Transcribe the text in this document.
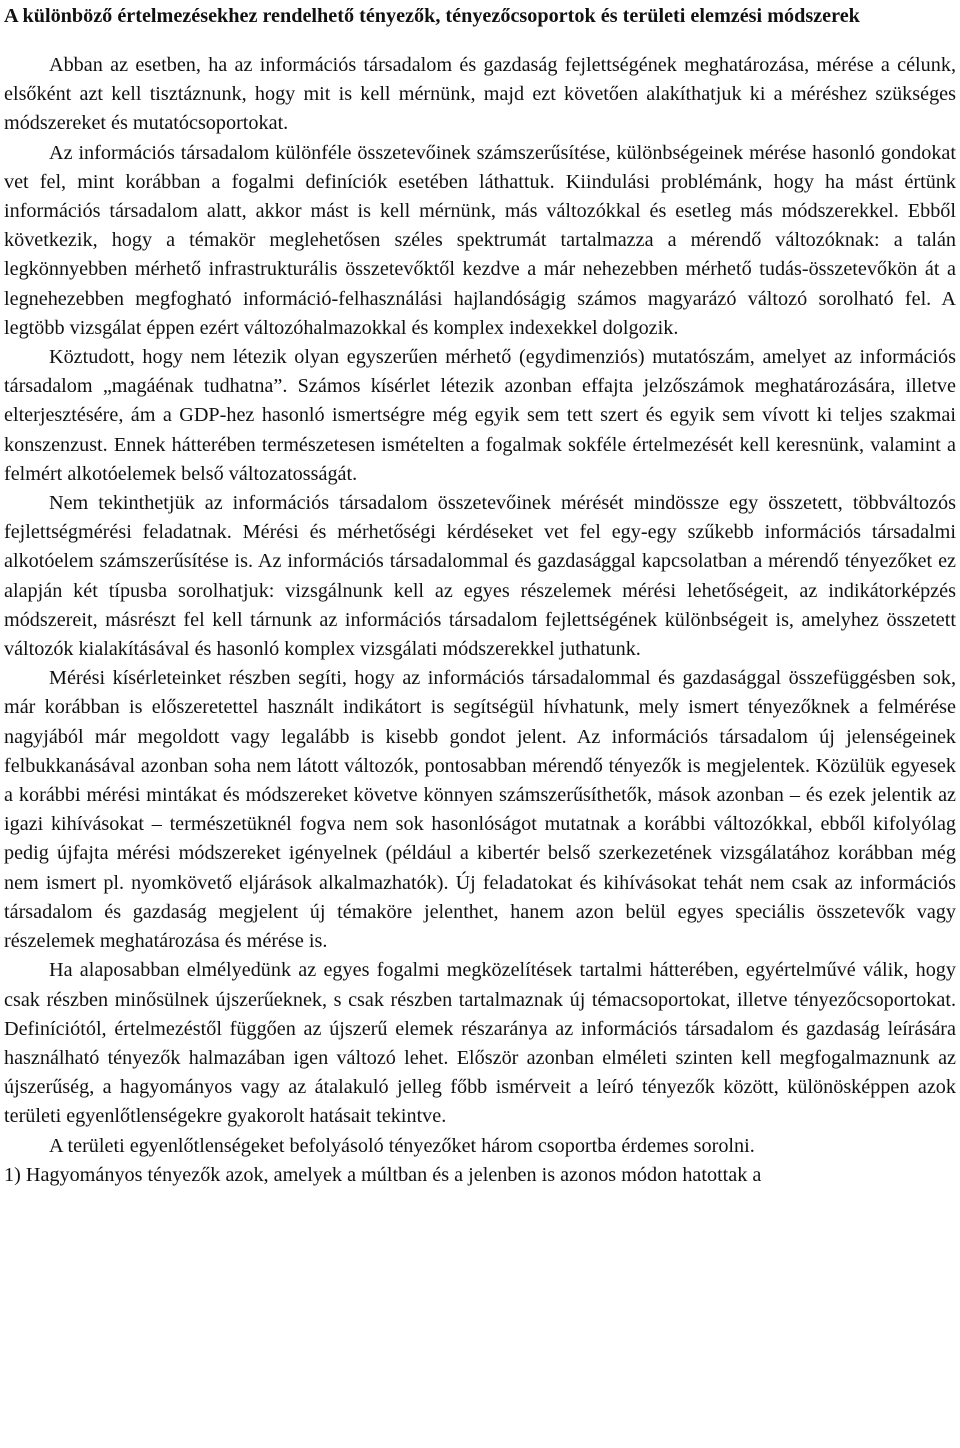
A különböző értelmezésekhez rendelhető tényezők, tényezőcsoportok és területi elemzési módszerek

Abban az esetben, ha az információs társadalom és gazdaság fejlettségének meghatározása, mérése a célunk, elsőként azt kell tisztáznunk, hogy mit is kell mérnünk, majd ezt követően alakíthatjuk ki a méréshez szükséges módszereket és mutatócsoportokat.

Az információs társadalom különféle összetevőinek számszerűsítése, különbségeinek mérése hasonló gondokat vet fel, mint korábban a fogalmi definíciók esetében láthattuk. Kiindulási problémánk, hogy ha mást értünk információs társadalom alatt, akkor mást is kell mérnünk, más változókkal és esetleg más módszerekkel. Ebből következik, hogy a témakör meglehetősen széles spektrumát tartalmazza a mérendő változóknak: a talán legkönnyebben mérhető infrastrukturális összetevőktől kezdve a már nehezebben mérhető tudás-összetevőkön át a legnehezebben megfogható információ-felhasználási hajlandóságig számos magyarázó változó sorolható fel. A legtöbb vizsgálat éppen ezért változóhalmazokkal és komplex indexekkel dolgozik.

Köztudott, hogy nem létezik olyan egyszerűen mérhető (egydimenziós) mutatószám, amelyet az információs társadalom „magáénak tudhatna”. Számos kísérlet létezik azonban effajta jelzőszámok meghatározására, illetve elterjesztésére, ám a GDP-hez hasonló ismertségre még egyik sem tett szert és egyik sem vívott ki teljes szakmai konszenzust. Ennek hátterében természetesen ismételten a fogalmak sokféle értelmezését kell keresnünk, valamint a felmért alkotóelemek belső változatosságát.

Nem tekinthetjük az információs társadalom összetevőinek mérését mindössze egy összetett, többváltozós fejlettségmérési feladatnak. Mérési és mérhetőségi kérdéseket vet fel egy-egy szűkebb információs társadalmi alkotóelem számszerűsítése is. Az információs társadalommal és gazdasággal kapcsolatban a mérendő tényezőket ez alapján két típusba sorolhatjuk: vizsgálnunk kell az egyes részelemek mérési lehetőségeit, az indikátorképzés módszereit, másrészt fel kell tárnunk az információs társadalom fejlettségének különbségeit is, amelyhez összetett változók kialakításával és hasonló komplex vizsgálati módszerekkel juthatunk.

Mérési kísérleteinket részben segíti, hogy az információs társadalommal és gazdasággal összefüggésben sok, már korábban is előszeretettel használt indikátort is segítségül hívhatunk, mely ismert tényezőknek a felmérése nagyjából már megoldott vagy legalább is kisebb gondot jelent. Az információs társadalom új jelenségeinek felbukkanásával azonban soha nem látott változók, pontosabban mérendő tényezők is megjelentek. Közülük egyesek a korábbi mérési mintákat és módszereket követve könnyen számszerűsíthetők, mások azonban – és ezek jelentik az igazi kihívásokat – természetüknél fogva nem sok hasonlóságot mutatnak a korábbi változókkal, ebből kifolyólag pedig újfajta mérési módszereket igényelnek (például a kibertér belső szerkezetének vizsgálatához korábban még nem ismert pl. nyomkövető eljárások alkalmazhatók). Új feladatokat és kihívásokat tehát nem csak az információs társadalom és gazdaság megjelent új témaköre jelenthet, hanem azon belül egyes speciális összetevők vagy részelemek meghatározása és mérése is.

Ha alaposabban elmélyedünk az egyes fogalmi megközelítések tartalmi hátterében, egyértelművé válik, hogy csak részben minősülnek újszerűeknek, s csak részben tartalmaznak új témacsoportokat, illetve tényezőcsoportokat. Definíciótól, értelmezéstől függően az újszerű elemek részaránya az információs társadalom és gazdaság leírására használható tényezők halmazában igen változó lehet. Először azonban elméleti szinten kell megfogalmaznunk az újszerűség, a hagyományos vagy az átalakuló jelleg főbb ismérveit a leíró tényezők között, különösképpen azok területi egyenlőtlenségekre gyakorolt hatásait tekintve.

A területi egyenlőtlenségeket befolyásoló tényezőket három csoportba érdemes sorolni.

1) Hagyományos tényezők azok, amelyek a múltban és a jelenben is azonos módon hatottak a
